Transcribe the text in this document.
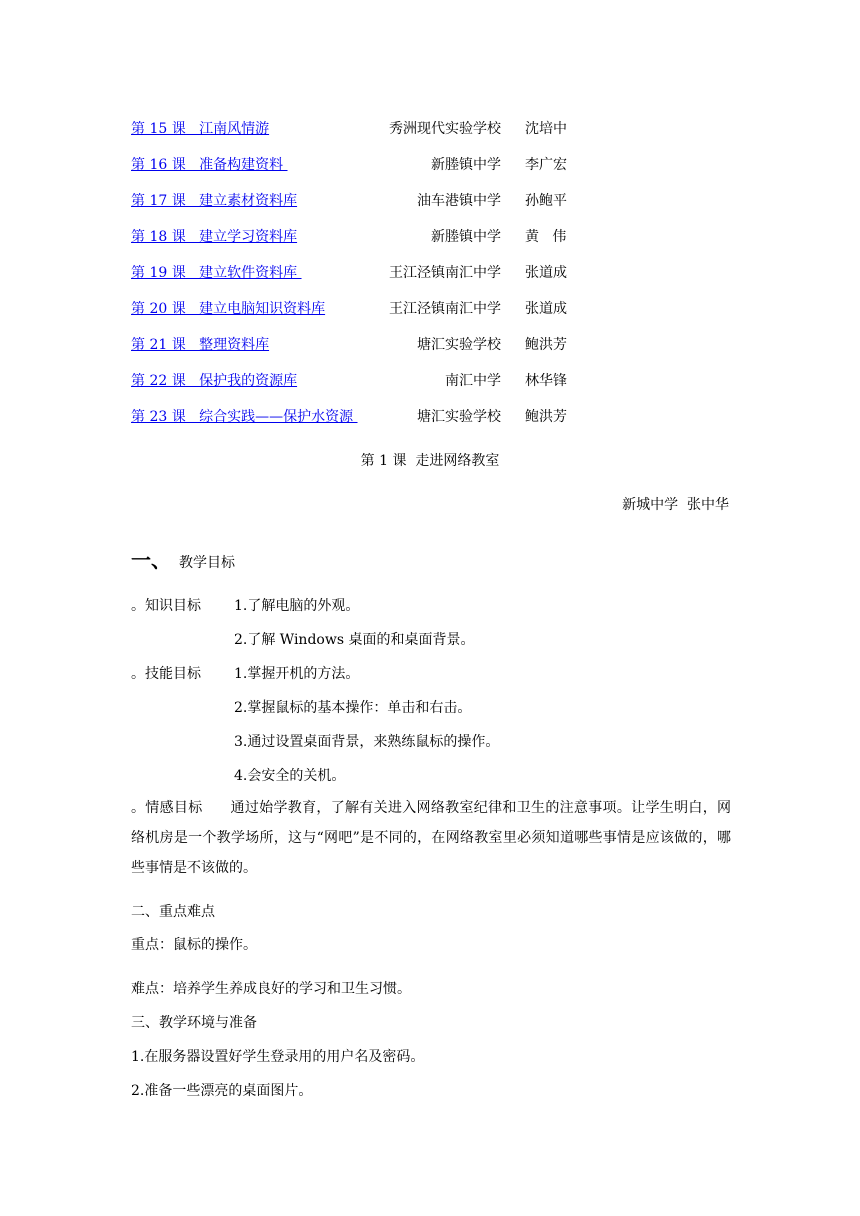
第 15 课   江南风情游	秀洲现代实验学校 沈培中
第 16 课   准备构建资料	新塍镇中学 李广宏
第 17 课   建立素材资料库	油车港镇中学 孙鲍平
第 18 课   建立学习资料库	新塍镇中学 黄   伟
第 19 课   建立软件资料库	王江泾镇南汇中学 张道成
第 20 课   建立电脑知识资料库	王江泾镇南汇中学 张道成
第 21 课   整理资料库	塘汇实验学校 鲍洪芳
第 22 课   保护我的资源库	南汇中学 林华锋
第 23 课   综合实践——保护水资源	塘汇实验学校 鲍洪芳
第 1 课  走进网络教室
新城中学  张中华
一、 教学目标
。知识目标 1.了解电脑的外观。
2.了解 Windows 桌面的和桌面背景。
。技能目标 1.掌握开机的方法。
2.掌握鼠标的基本操作：单击和右击。
3.通过设置桌面背景，来熟练鼠标的操作。
4.会安全的关机。
。情感目标 通过始学教育，了解有关进入网络教室纪律和卫生的注意事项。让学生明白，网络机房是一个教学场所，这与“网吧”是不同的，在网络教室里必须知道哪些事情是应该做的，哪些事情是不该做的。
二、重点难点
重点：鼠标的操作。
难点：培养学生养成良好的学习和卫生习惯。
三、教学环境与准备
1.在服务器设置好学生登录用的用户名及密码。
2.准备一些漂亮的桌面图片。
